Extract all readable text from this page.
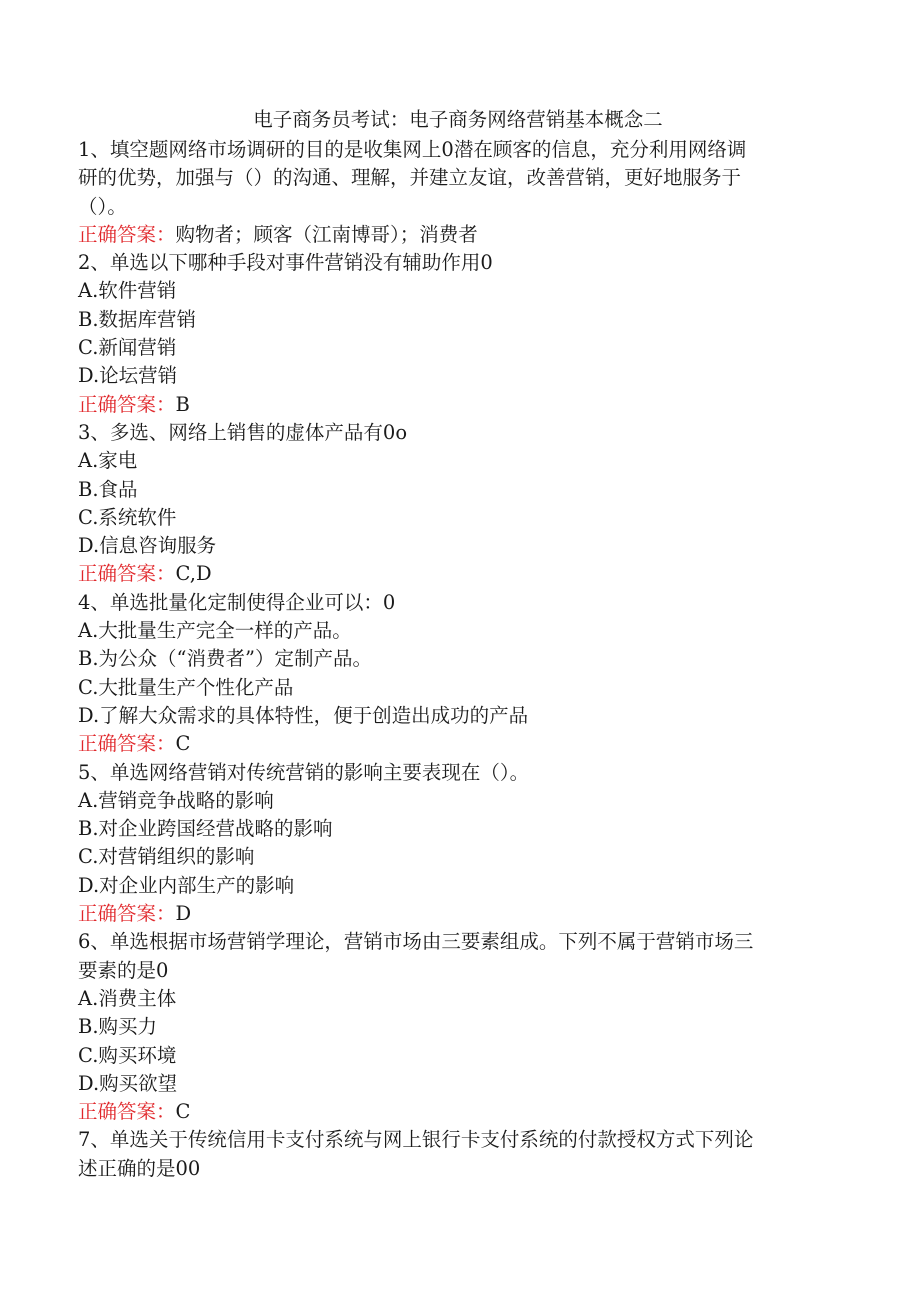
电子商务员考试：电子商务网络营销基本概念二
1、填空题网络市场调研的目的是收集网上0潜在顾客的信息，充分利用网络调
研的优势，加强与（）的沟通、理解，并建立友谊，改善营销，更好地服务于
（）。
正确答案：购物者；顾客（江南博哥）；消费者
2、单选以下哪种手段对事件营销没有辅助作用0
A.软件营销
B.数据库营销
C.新闻营销
D.论坛营销
正确答案：B
3、多选、网络上销售的虚体产品有0o
A.家电
B.食品
C.系统软件
D.信息咨询服务
正确答案：C,D
4、单选批量化定制使得企业可以：0
A.大批量生产完全一样的产品。
B.为公众（“消费者”）定制产品。
C.大批量生产个性化产品
D.了解大众需求的具体特性，便于创造出成功的产品
正确答案：C
5、单选网络营销对传统营销的影响主要表现在（）。
A.营销竞争战略的影响
B.对企业跨国经营战略的影响
C.对营销组织的影响
D.对企业内部生产的影响
正确答案：D
6、单选根据市场营销学理论，营销市场由三要素组成。下列不属于营销市场三
要素的是0
A.消费主体
B.购买力
C.购买环境
D.购买欲望
正确答案：C
7、单选关于传统信用卡支付系统与网上银行卡支付系统的付款授权方式下列论
述正确的是00
